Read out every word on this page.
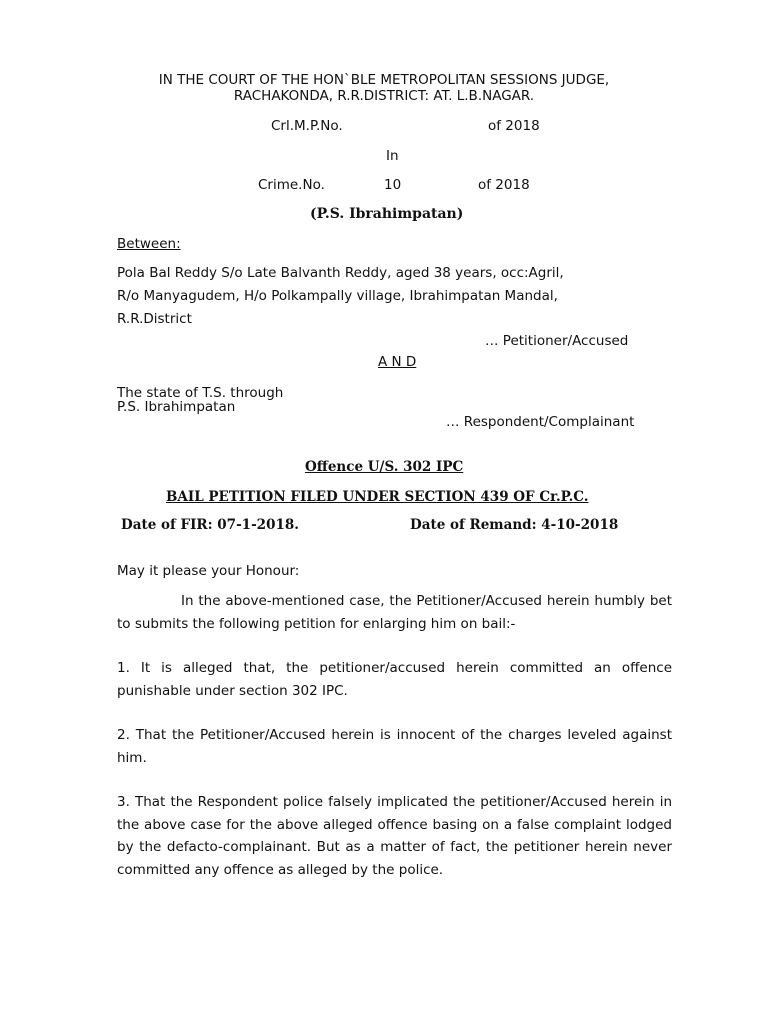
IN THE COURT OF THE HON`BLE METROPOLITAN SESSIONS JUDGE,
RACHAKONDA, R.R.DISTRICT: AT. L.B.NAGAR.
Crl.M.P.No.	of 2018
In
Crime.No.	10	of 2018
(P.S. Ibrahimpatan)
Between:
Pola Bal Reddy S/o Late Balvanth Reddy, aged 38 years, occ:Agril,
R/o Manyagudem, H/o Polkampally village, Ibrahimpatan Mandal,
R.R.District
… Petitioner/Accused
A N D
The state of T.S. through
P.S. Ibrahimpatan
… Respondent/Complainant
Offence U/S. 302 IPC
BAIL PETITION FILED UNDER SECTION 439 OF Cr.P.C.
Date of FIR: 07-1-2018.	Date of Remand: 4-10-2018
May it please your Honour:
In the above-mentioned case, the Petitioner/Accused herein humbly bet to submits the following petition for enlarging him on bail:-
1. It is alleged that, the petitioner/accused herein committed an offence punishable under section 302 IPC.
2. That the Petitioner/Accused herein is innocent of the charges leveled against him.
3. That the Respondent police falsely implicated the petitioner/Accused herein in the above case for the above alleged offence basing on a false complaint lodged by the defacto-complainant. But as a matter of fact, the petitioner herein never committed any offence as alleged by the police.
